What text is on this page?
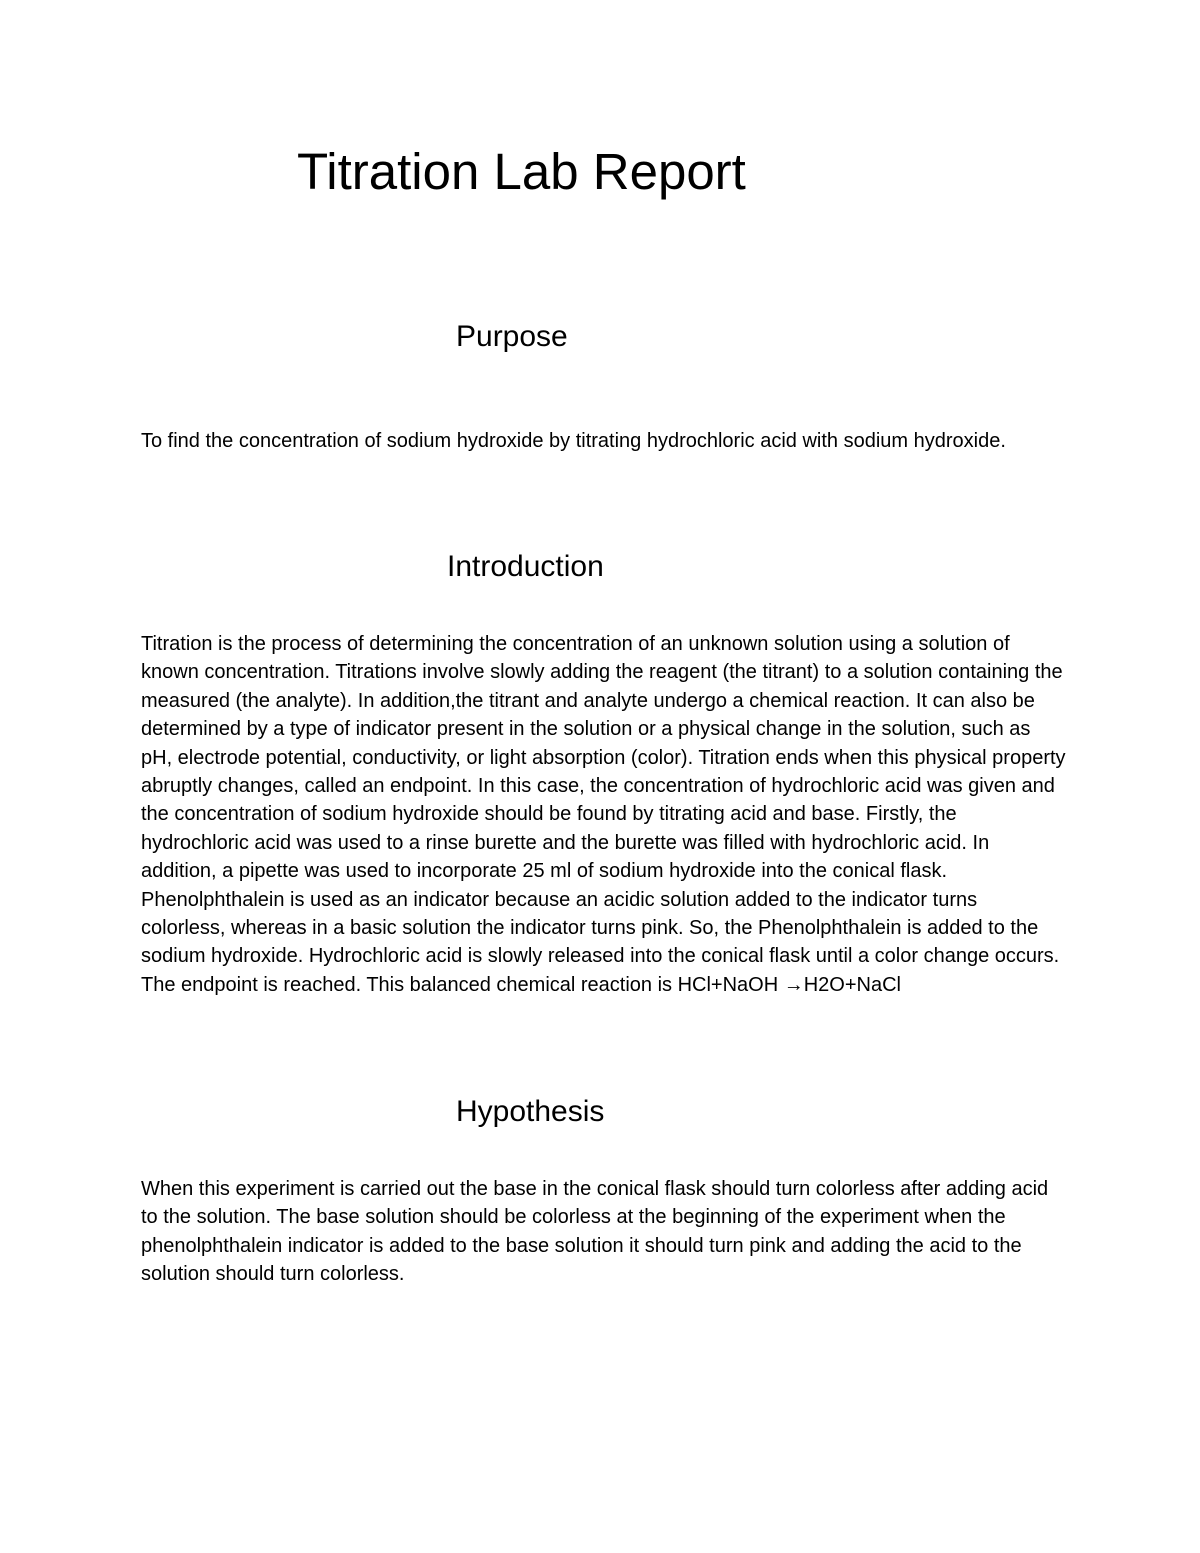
Titration Lab Report
Purpose

To find the concentration of sodium hydroxide by titrating hydrochloric acid with sodium hydroxide.

Introduction

Titration is the process of determining the concentration of an unknown solution using a solution of known concentration. Titrations involve slowly adding the reagent (the titrant) to a solution containing the measured (the analyte). In addition,the titrant and analyte undergo a chemical reaction. It can also be determined by a type of indicator present in the solution or a physical change in the solution, such as pH, electrode potential, conductivity, or light absorption (color). Titration ends when this physical property abruptly changes, called an endpoint. In this case, the concentration of hydrochloric acid was given and the concentration of sodium hydroxide should be found by titrating acid and base. Firstly, the hydrochloric acid was used to a rinse burette and the burette was filled with hydrochloric acid. In addition, a pipette was used to incorporate 25 ml of sodium hydroxide into the conical flask. Phenolphthalein is used as an indicator because an acidic solution added to the indicator turns colorless, whereas in a basic solution the indicator turns pink. So, the Phenolphthalein is added to the sodium hydroxide. Hydrochloric acid is slowly released into the conical flask until a color change occurs. The endpoint is reached. This balanced chemical reaction is HCl+NaOH →H2O+NaCl

Hypothesis

When this experiment is carried out the base in the conical flask should turn colorless after adding acid to the solution. The base solution should be colorless at the beginning of the experiment when the phenolphthalein indicator is added to the base solution it should turn pink and adding the acid to the solution should turn colorless.
